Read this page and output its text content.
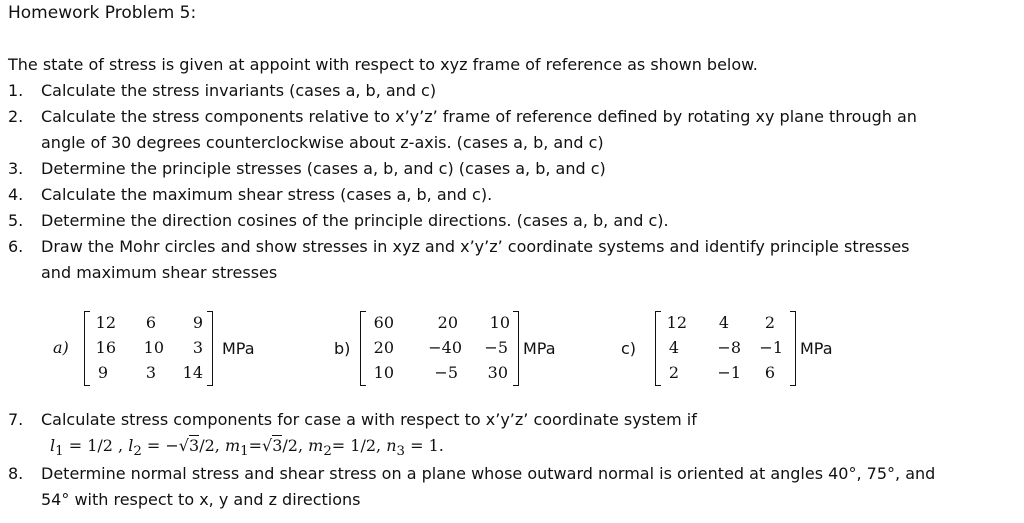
Homework Problem 5:
The state of stress is given at appoint with respect to xyz frame of reference as shown below.
1. Calculate the stress invariants (cases a, b, and c)
2. Calculate the stress components relative to x’y’z’ frame of reference defined by rotating xy plane through an
angle of 30 degrees counterclockwise about z-axis. (cases a, b, and c)
3. Determine the principle stresses (cases a, b, and c) (cases a, b, and c)
4. Calculate the maximum shear stress (cases a, b, and c).
5. Determine the direction cosines of the principle directions. (cases a, b, and c).
6. Draw the Mohr circles and show stresses in xyz and x’y’z’ coordinate systems and identify principle stresses
and maximum shear stresses
a)
12	6	9
16	10	3
9	3	14
MPa	b)
60	20	10
20	−40	−5
10	−5	30
MPa	c)
12	4	2
4	−8	−1
2	−1	6
MPa
7. Calculate stress components for case a with respect to x’y’z’ coordinate system if
$l_1 = 1/2$ , $l_2 = -√3/2$, $m_1=√3/2$, $m_2= 1/2$, $n_3 = 1$.
8. Determine normal stress and shear stress on a plane whose outward normal is oriented at angles 40°, 75°, and
54° with respect to x, y and z directions
